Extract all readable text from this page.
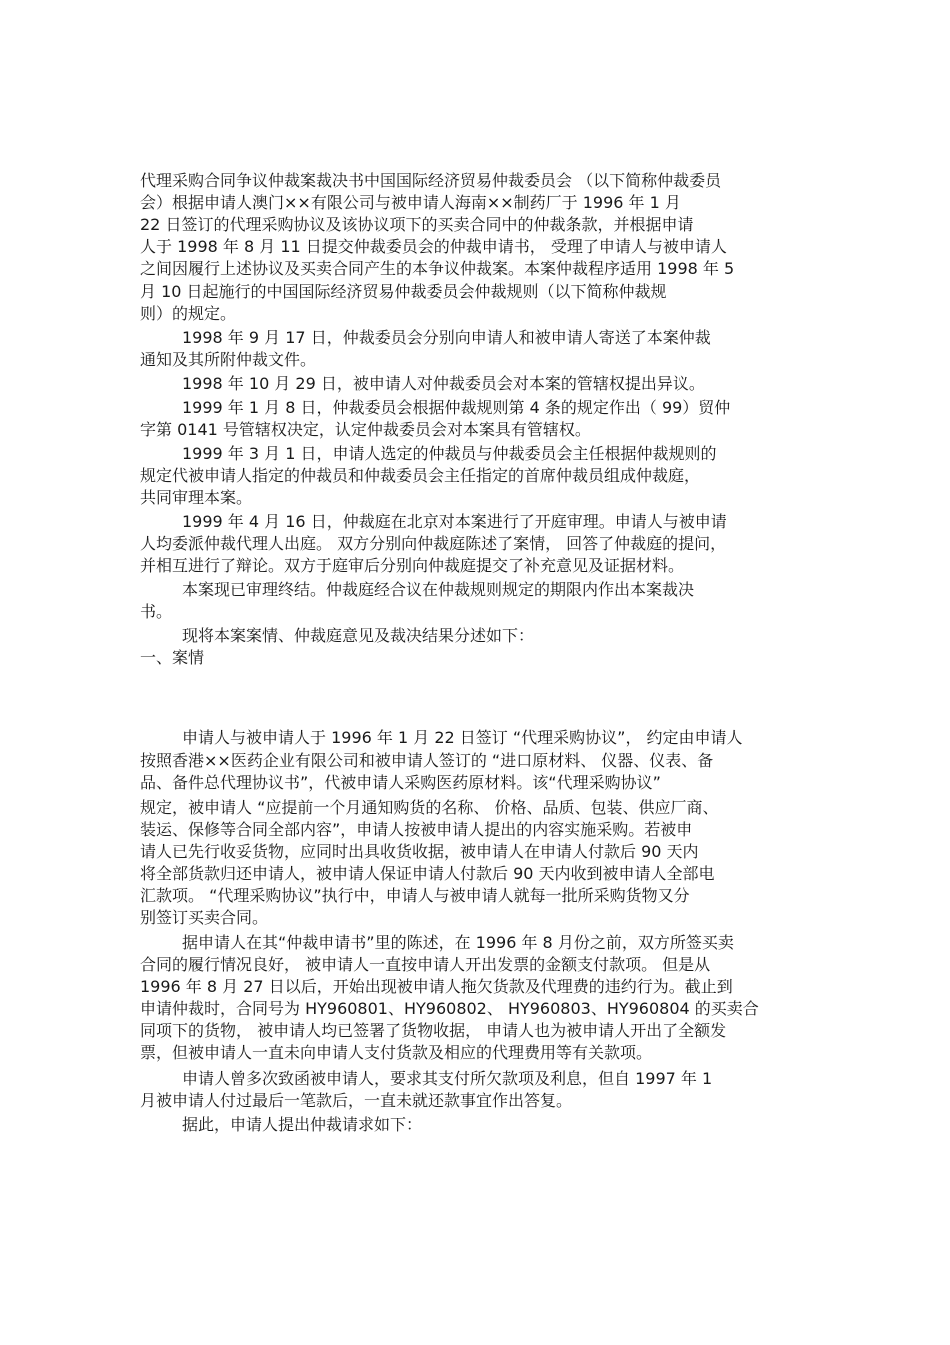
代理采购合同争议仲裁案裁决书中国国际经济贸易仲裁委员会 （以下简称仲裁委员
会）根据申请人澳门××有限公司与被申请人海南××制药厂于 1996 年 1 月
22 日签订的代理采购协议及该协议项下的买卖合同中的仲裁条款，并根据申请
人于 1998 年 8 月 11 日提交仲裁委员会的仲裁申请书， 受理了申请人与被申请人
之间因履行上述协议及买卖合同产生的本争议仲裁案。本案仲裁程序适用 1998 年 5
月 10 日起施行的中国国际经济贸易仲裁委员会仲裁规则（以下简称仲裁规
则）的规定。
1998 年 9 月 17 日，仲裁委员会分别向申请人和被申请人寄送了本案仲裁
通知及其所附仲裁文件。
1998 年 10 月 29 日，被申请人对仲裁委员会对本案的管辖权提出异议。
1999 年 1 月 8 日，仲裁委员会根据仲裁规则第 4 条的规定作出（ 99）贸仲
字第 0141 号管辖权决定，认定仲裁委员会对本案具有管辖权。
1999 年 3 月 1 日，申请人选定的仲裁员与仲裁委员会主任根据仲裁规则的
规定代被申请人指定的仲裁员和仲裁委员会主任指定的首席仲裁员组成仲裁庭，
共同审理本案。
1999 年 4 月 16 日，仲裁庭在北京对本案进行了开庭审理。申请人与被申请
人均委派仲裁代理人出庭。 双方分别向仲裁庭陈述了案情， 回答了仲裁庭的提问，
并相互进行了辩论。双方于庭审后分别向仲裁庭提交了补充意见及证据材料。
本案现已审理终结。仲裁庭经合议在仲裁规则规定的期限内作出本案裁决
书。
现将本案案情、仲裁庭意见及裁决结果分述如下：
一、案情
申请人与被申请人于 1996 年 1 月 22 日签订 “代理采购协议”， 约定由申请人
按照香港××医药企业有限公司和被申请人签订的 “进口原材料、 仪器、仪表、备
品、备件总代理协议书”，代被申请人采购医药原材料。该“代理采购协议”
规定，被申请人 “应提前一个月通知购货的名称、 价格、品质、包装、供应厂商、
装运、保修等合同全部内容”，申请人按被申请人提出的内容实施采购。若被申
请人已先行收妥货物，应同时出具收货收据，被申请人在申请人付款后 90 天内
将全部货款归还申请人，被申请人保证申请人付款后 90 天内收到被申请人全部电
汇款项。 “代理采购协议”执行中，申请人与被申请人就每一批所采购货物又分
别签订买卖合同。
据申请人在其“仲裁申请书”里的陈述，在 1996 年 8 月份之前，双方所签买卖
合同的履行情况良好， 被申请人一直按申请人开出发票的金额支付款项。 但是从
1996 年 8 月 27 日以后，开始出现被申请人拖欠货款及代理费的违约行为。截止到
申请仲裁时，合同号为 HY960801、HY960802、 HY960803、HY960804 的买卖合
同项下的货物， 被申请人均已签署了货物收据， 申请人也为被申请人开出了全额发
票，但被申请人一直未向申请人支付货款及相应的代理费用等有关款项。
申请人曾多次致函被申请人，要求其支付所欠款项及利息，但自 1997 年 1
月被申请人付过最后一笔款后，一直未就还款事宜作出答复。
据此，申请人提出仲裁请求如下：
